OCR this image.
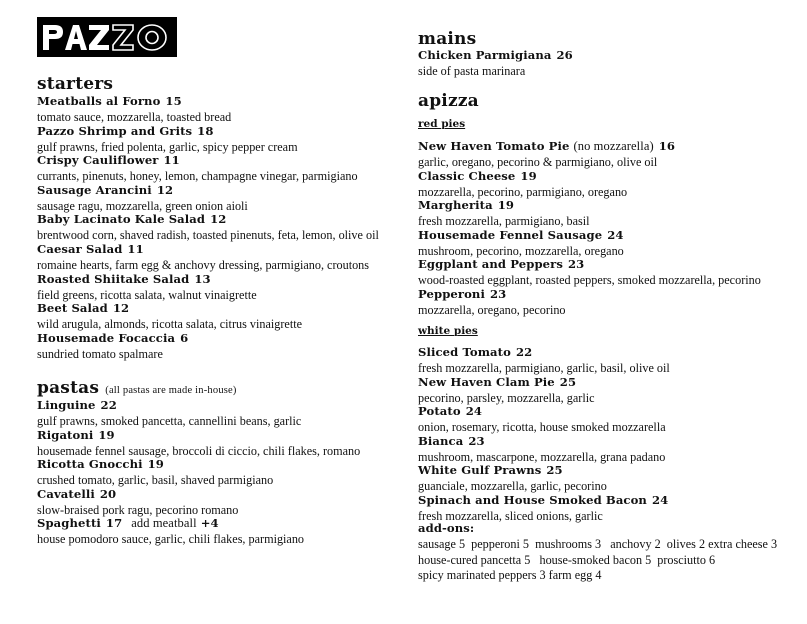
starters
Meatballs al Forno 15
tomato sauce, mozzarella, toasted bread
Pazzo Shrimp and Grits 18
gulf prawns, fried polenta, garlic, spicy pepper cream
Crispy Cauliflower 11
currants, pinenuts, honey, lemon, champagne vinegar, parmigiano
Sausage Arancini 12
sausage ragu, mozzarella, green onion aioli
Baby Lacinato Kale Salad 12
brentwood corn, shaved radish, toasted pinenuts, feta, lemon, olive oil
Caesar Salad 11
romaine hearts, farm egg & anchovy dressing, parmigiano, croutons
Roasted Shiitake Salad 13
field greens, ricotta salata, walnut vinaigrette
Beet Salad 12
wild arugula, almonds, ricotta salata, citrus vinaigrette
Housemade Focaccia 6
sundried tomato spalmare
pastas (all pastas are made in-house)
Linguine 22
gulf prawns, smoked pancetta, cannellini beans, garlic
Rigatoni 19
housemade fennel sausage, broccoli di ciccio, chili flakes, romano
Ricotta Gnocchi 19
crushed tomato, garlic, basil, shaved parmigiano
Cavatelli 20
slow-braised pork ragu, pecorino romano
Spaghetti 17 add meatball +4
house pomodoro sauce, garlic, chili flakes, parmigiano
mains
Chicken Parmigiana 26
side of pasta marinara
apizza
red pies
New Haven Tomato Pie (no mozzarella) 16
garlic, oregano, pecorino & parmigiano, olive oil
Classic Cheese 19
mozzarella, pecorino, parmigiano, oregano
Margherita 19
fresh mozzarella, parmigiano, basil
Housemade Fennel Sausage 24
mushroom, pecorino, mozzarella, oregano
Eggplant and Peppers 23
wood-roasted eggplant, roasted peppers, smoked mozzarella, pecorino
Pepperoni 23
mozzarella, oregano, pecorino
white pies
Sliced Tomato 22
fresh mozzarella, parmigiano, garlic, basil, olive oil
New Haven Clam Pie 25
pecorino, parsley, mozzarella, garlic
Potato 24
onion, rosemary, ricotta, house smoked mozzarella
Bianca 23
mushroom, mascarpone, mozzarella, grana padano
White Gulf Prawns 25
guanciale, mozzarella, garlic, pecorino
Spinach and House Smoked Bacon 24
fresh mozzarella, sliced onions, garlic
add-ons:
sausage 5  pepperoni 5  mushrooms 3   anchovy 2  olives 2 extra cheese 3
house-cured pancetta 5   house-smoked bacon 5  prosciutto 6
spicy marinated peppers 3 farm egg 4
